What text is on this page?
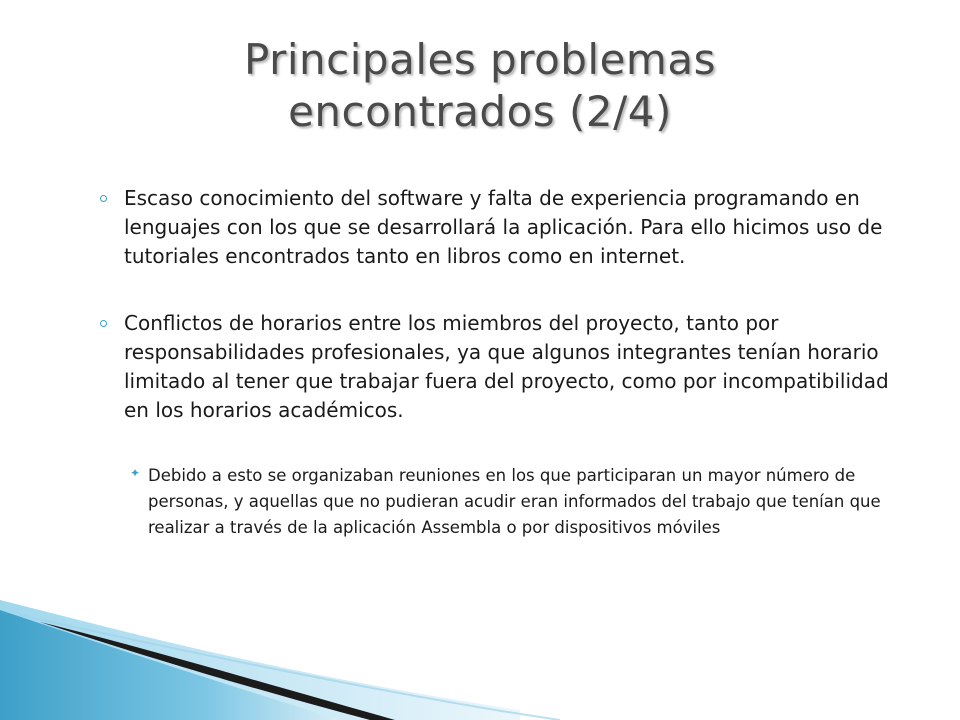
Principales problemas
encontrados (2/4)
Escaso conocimiento del software y falta de experiencia programando en lenguajes con los que se desarrollará la aplicación. Para ello hicimos uso de tutoriales encontrados tanto en libros como en internet.
Conflictos de horarios entre los miembros del proyecto, tanto por responsabilidades profesionales, ya que algunos integrantes tenían horario limitado al tener que trabajar fuera del proyecto, como por incompatibilidad en los horarios académicos.
✦ Debido a esto se organizaban reuniones en los que participaran un mayor número de personas, y aquellas que no pudieran acudir eran informados del trabajo que tenían que realizar a través de la aplicación Assembla o por dispositivos móviles
